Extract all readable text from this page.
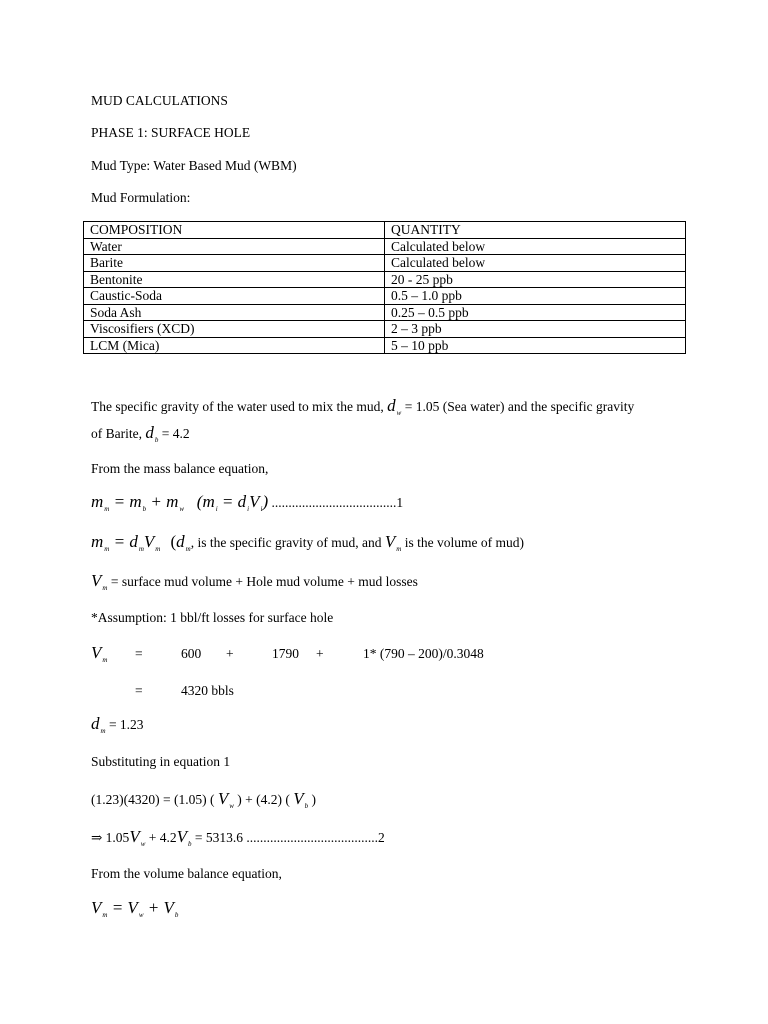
MUD CALCULATIONS
PHASE 1: SURFACE HOLE
Mud Type: Water Based Mud (WBM)
Mud Formulation:
COMPOSITION	QUANTITY
Water	Calculated below
Barite	Calculated below
Bentonite	20 - 25 ppb
Caustic-Soda	0.5 – 1.0 ppb
Soda Ash	0.25 – 0.5 ppb
Viscosifiers (XCD)	2 – 3 ppb
LCM (Mica)	5 – 10 ppb
The specific gravity of the water used to mix the mud, $d_w = 1.05$ (Sea water) and the specific gravity
of Barite, $d_b = 4.2$
From the mass balance equation,
$m_m = m_b + m_w$   $(m_i = d_iV_i)$ .....................................1
$m_m = d_mV_m$ ($d_m$, is the specific gravity of mud, and $V_m$ is the volume of mud)
$V_m$ = surface mud volume + Hole mud volume + mud losses
*Assumption: 1 bbl/ft losses for surface hole
$V_m$ =	600 +	1790 +	1* (790 – 200)/0.3048
=	4320 bbls
$d_m = 1.23$
Substituting in equation 1
(1.23)(4320) = (1.05) ( $V_w$ ) + (4.2) ( $V_b$ )
⇒ $1.05V_w + 4.2V_b = 5313.6$ .......................................2
From the volume balance equation,
$V_m = V_w + V_b$
